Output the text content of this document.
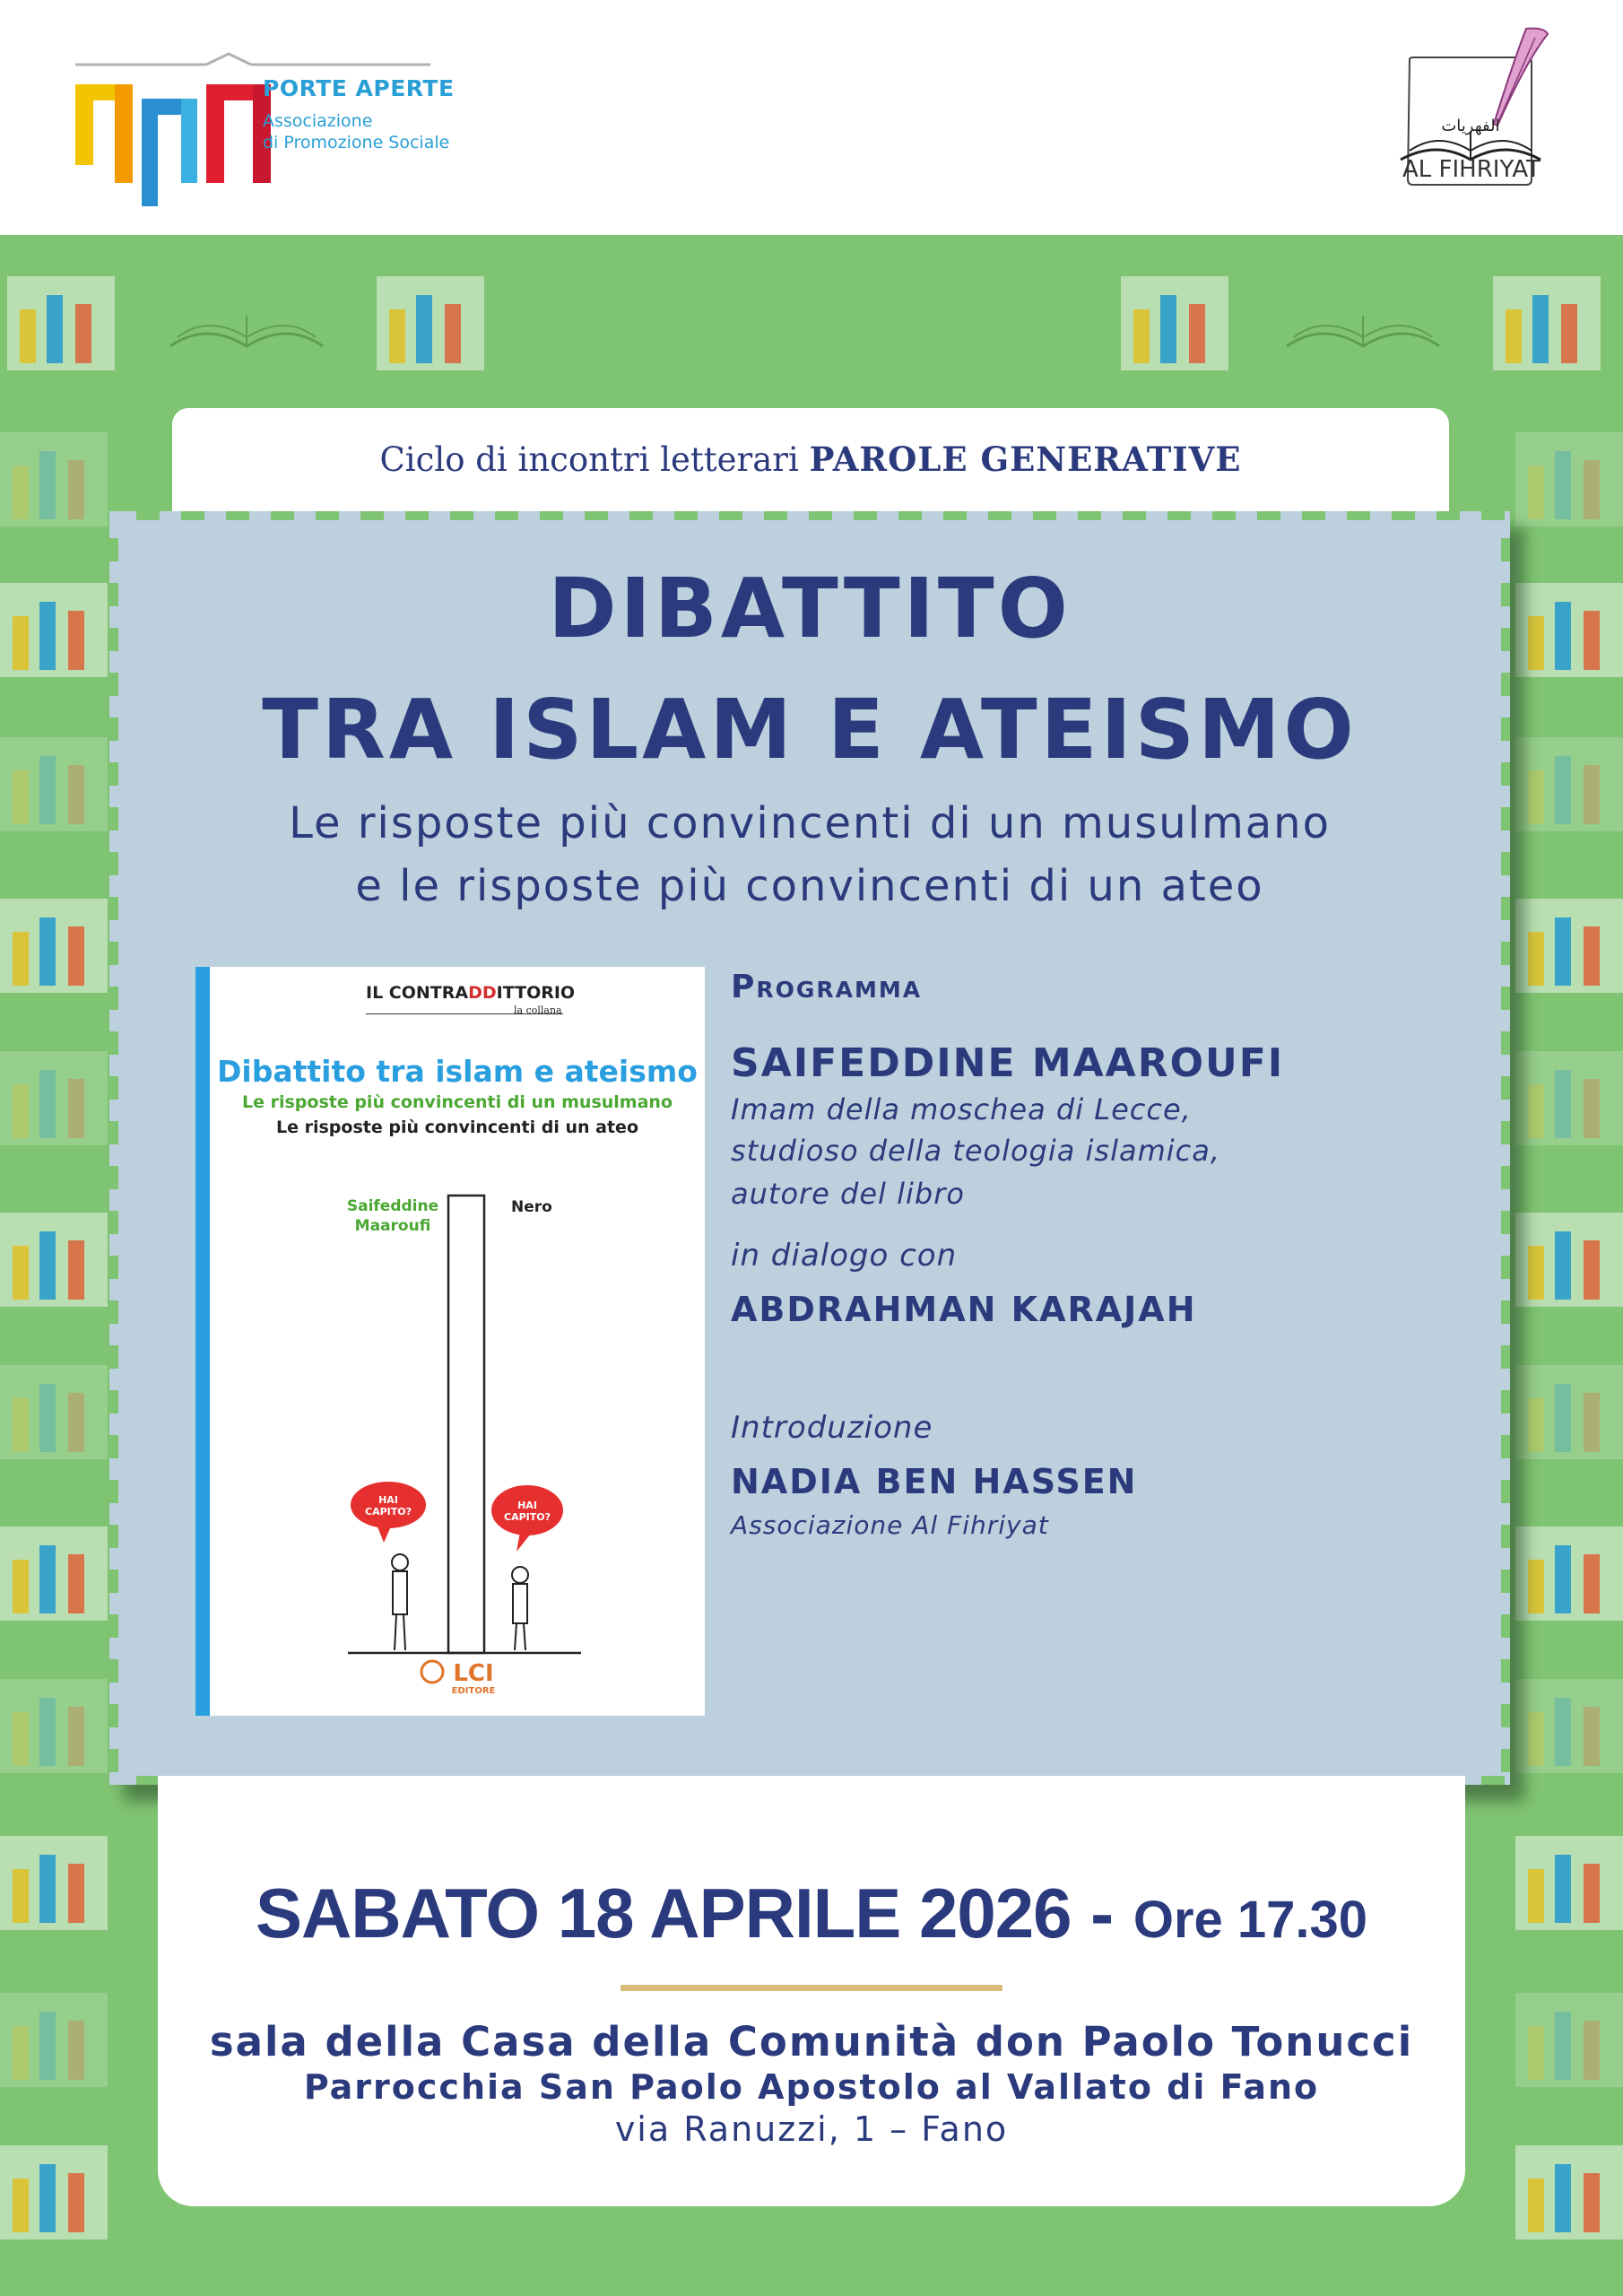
PORTE APERTE
Associazione
di Promozione Sociale
الفهريات
AL FIHRIYAT
Ciclo di incontri letterari PAROLE GENERATIVE
DIBATTITO
TRA ISLAM E ATEISMO
Le risposte più convincenti di un musulmano
e le risposte più convincenti di un ateo
IL CONTRADDITTORIO
la collana
Dibattito tra islam e ateismo
Le risposte più convincenti di un musulmano
Le risposte più convincenti di un ateo
HAI
CAPITO?
HAI
CAPITO?
Saifeddine Maaroufi
Nero
LCI
EDITORE
Programma
SAIFEDDINE MAAROUFI
Imam della moschea di Lecce,
studioso della teologia islamica,
autore del libro
in dialogo con
ABDRAHMAN KARAJAH
Introduzione
NADIA BEN HASSEN
Associazione Al Fihriyat
SABATO 18 APRILE 2026 - Ore 17.30
sala della Casa della Comunità don Paolo Tonucci
Parrocchia San Paolo Apostolo al Vallato di Fano
via Ranuzzi, 1 – Fano
